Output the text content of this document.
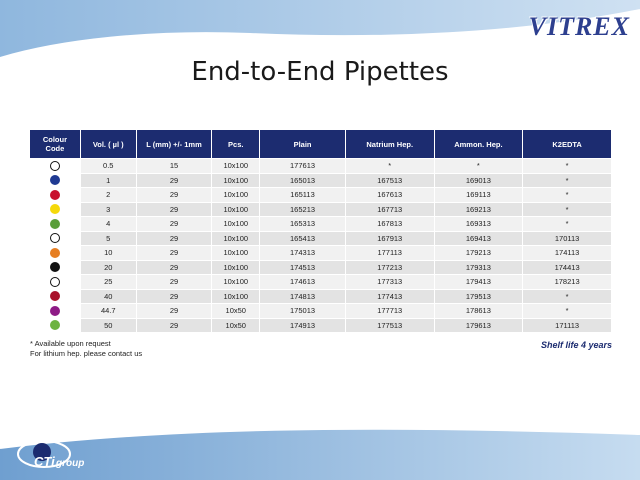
VITREX
End-to-End Pipettes
Colour
Code	Vol. ( µl )	L (mm) +/- 1mm	Pcs.	Plain	Natrium Hep.	Ammon. Hep.	K2EDTA
	0.5	15	10x100	177613	*	*	*
	1	29	10x100	165013	167513	169013	*
	2	29	10x100	165113	167613	169113	*
	3	29	10x100	165213	167713	169213	*
	4	29	10x100	165313	167813	169313	*
	5	29	10x100	165413	167913	169413	170113
	10	29	10x100	174313	177113	179213	174113
	20	29	10x100	174513	177213	179313	174413
	25	29	10x100	174613	177313	179413	178213
	40	29	10x100	174813	177413	179513	*
	44.7	29	10x50	175013	177713	178613	*
	50	29	10x50	174913	177513	179613	171113
* Available upon request
For lithium hep. please contact us
Shelf life 4 years
CTi group
